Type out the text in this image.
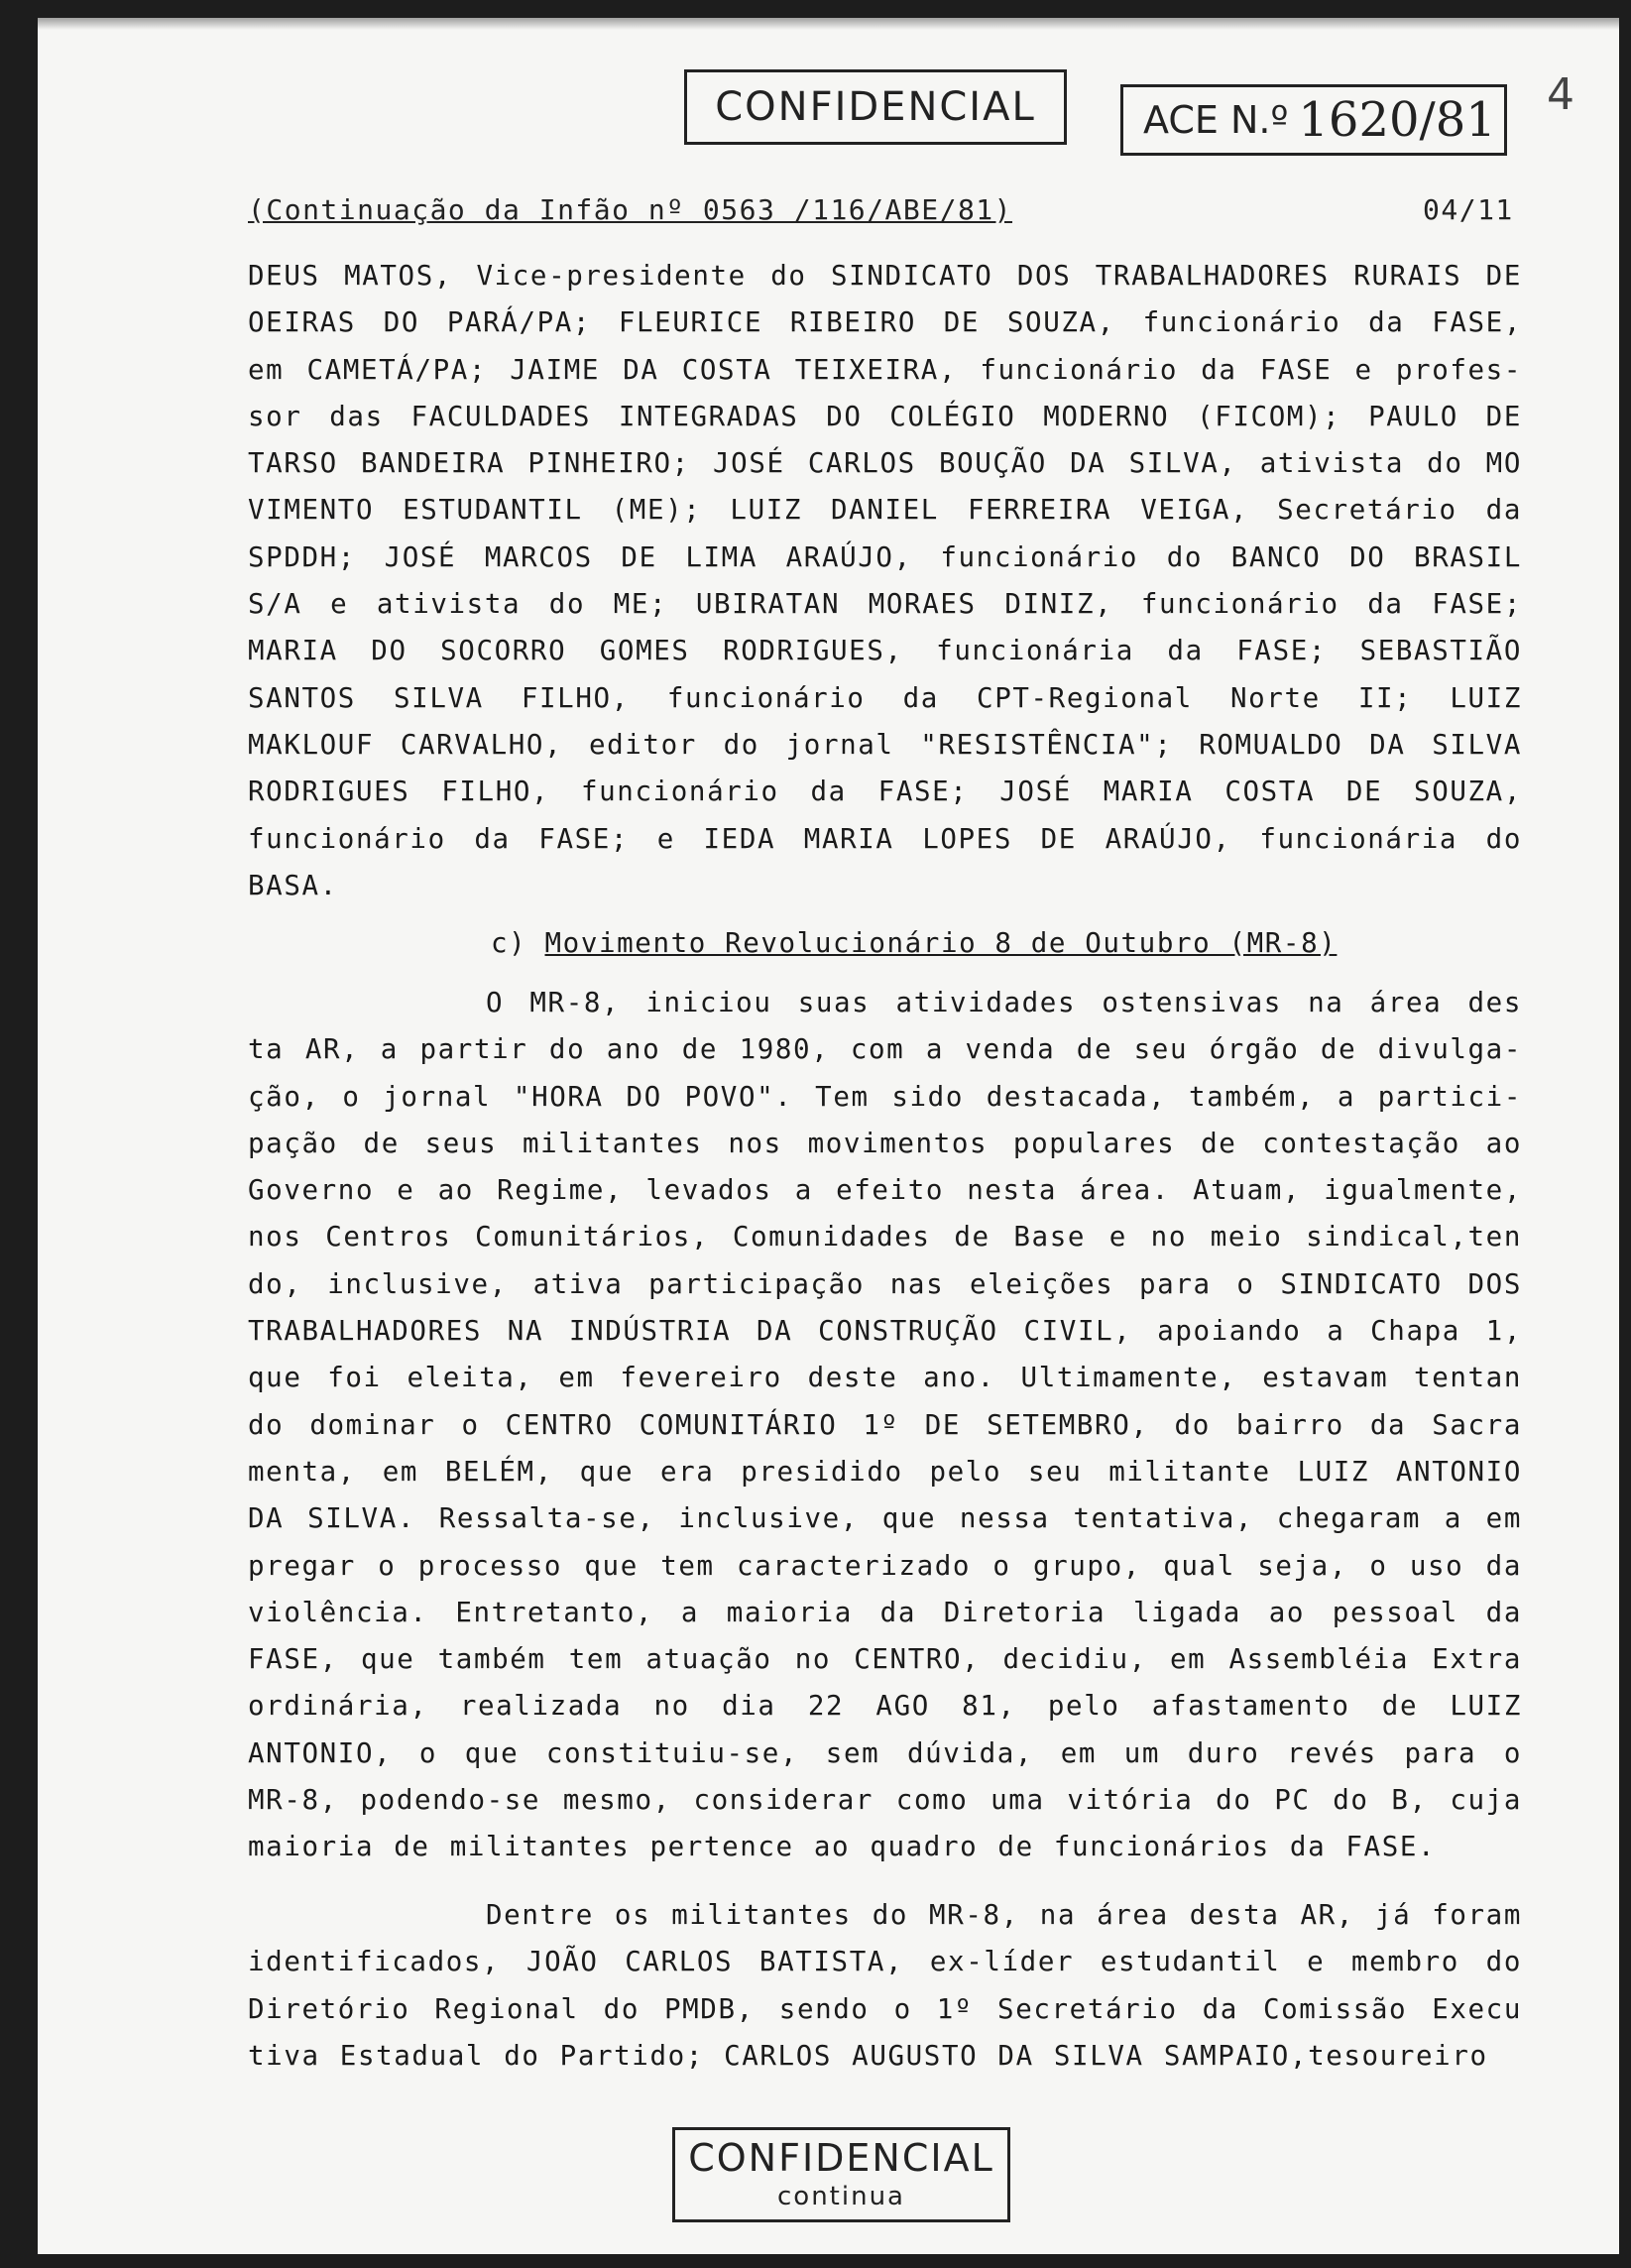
CONFIDENCIAL	ACE N.º 1620/81 4
(Continuação da Infão nº 0563 /116/ABE/81)	04/11
DEUS MATOS, Vice-presidente do SINDICATO DOS TRABALHADORES RURAIS DE
OEIRAS DO PARÁ/PA; FLEURICE RIBEIRO DE SOUZA, funcionário da FASE,
em CAMETÁ/PA; JAIME DA COSTA TEIXEIRA, funcionário da FASE e profes-
sor das FACULDADES INTEGRADAS DO COLÉGIO MODERNO (FICOM); PAULO DE
TARSO BANDEIRA PINHEIRO; JOSÉ CARLOS BOUÇÃO DA SILVA, ativista do MO
VIMENTO ESTUDANTIL (ME); LUIZ DANIEL FERREIRA VEIGA, Secretário da
SPDDH; JOSÉ MARCOS DE LIMA ARAÚJO, funcionário do BANCO DO BRASIL
S/A e ativista do ME; UBIRATAN MORAES DINIZ, funcionário da FASE;
MARIA DO SOCORRO GOMES RODRIGUES, funcionária da FASE; SEBASTIÃO
SANTOS SILVA FILHO, funcionário da CPT-Regional Norte II; LUIZ
MAKLOUF CARVALHO, editor do jornal "RESISTÊNCIA"; ROMUALDO DA SILVA
RODRIGUES FILHO, funcionário da FASE; JOSÉ MARIA COSTA DE SOUZA,
funcionário da FASE; e IEDA MARIA LOPES DE ARAÚJO, funcionária do
BASA.
c) Movimento Revolucionário 8 de Outubro (MR-8)
O MR-8, iniciou suas atividades ostensivas na área des
ta AR, a partir do ano de 1980, com a venda de seu órgão de divulga-
ção, o jornal "HORA DO POVO". Tem sido destacada, também, a partici-
pação de seus militantes nos movimentos populares de contestação ao
Governo e ao Regime, levados a efeito nesta área. Atuam, igualmente,
nos Centros Comunitários, Comunidades de Base e no meio sindical,ten
do, inclusive, ativa participação nas eleições para o SINDICATO DOS
TRABALHADORES NA INDÚSTRIA DA CONSTRUÇÃO CIVIL, apoiando a Chapa 1,
que foi eleita, em fevereiro deste ano. Ultimamente, estavam tentan
do dominar o CENTRO COMUNITÁRIO 1º DE SETEMBRO, do bairro da Sacra
menta, em BELÉM, que era presidido pelo seu militante LUIZ ANTONIO
DA SILVA. Ressalta-se, inclusive, que nessa tentativa, chegaram a em
pregar o processo que tem caracterizado o grupo, qual seja, o uso da
violência. Entretanto, a maioria da Diretoria ligada ao pessoal da
FASE, que também tem atuação no CENTRO, decidiu, em Assembléia Extra
ordinária, realizada no dia 22 AGO 81, pelo afastamento de LUIZ
ANTONIO, o que constituiu-se, sem dúvida, em um duro revés para o
MR-8, podendo-se mesmo, considerar como uma vitória do PC do B, cuja
maioria de militantes pertence ao quadro de funcionários da FASE.
Dentre os militantes do MR-8, na área desta AR, já foram
identificados, JOÃO CARLOS BATISTA, ex-líder estudantil e membro do
Diretório Regional do PMDB, sendo o 1º Secretário da Comissão Execu
tiva Estadual do Partido; CARLOS AUGUSTO DA SILVA SAMPAIO,tesoureiro
CONFIDENCIAL
continua
